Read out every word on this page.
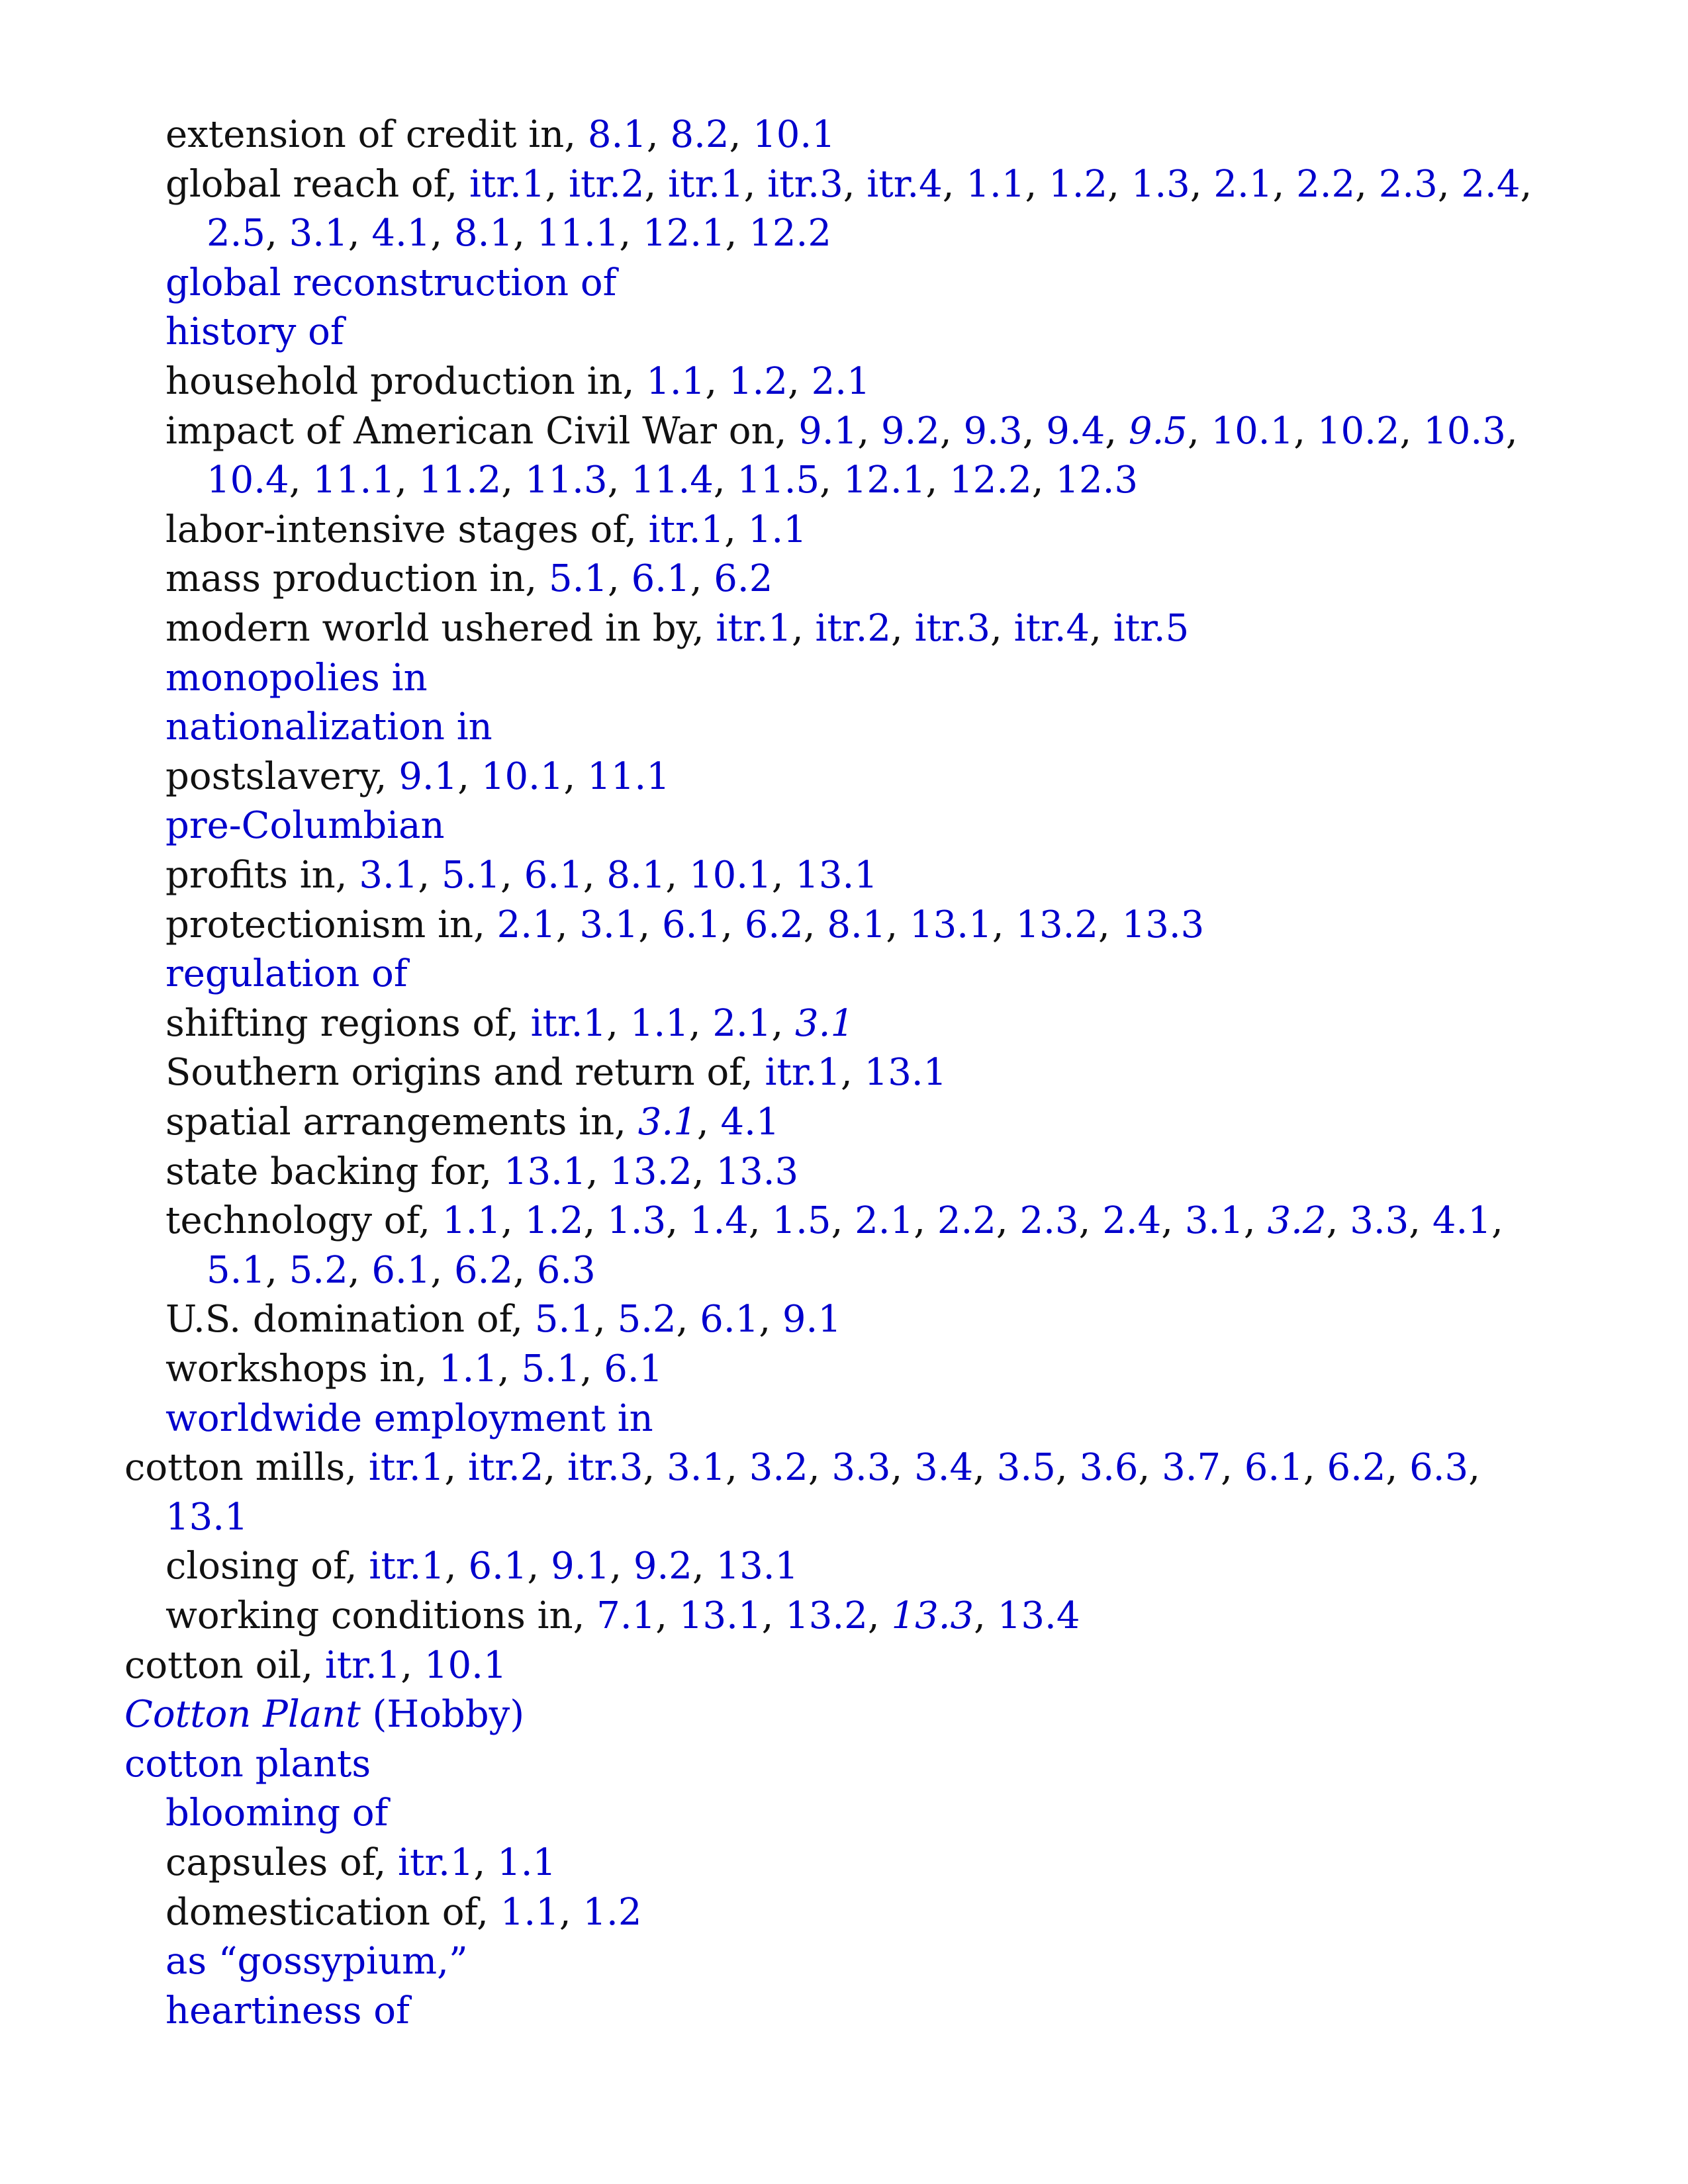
extension of credit in, 8.1, 8.2, 10.1
global reach of, itr.1, itr.2, itr.1, itr.3, itr.4, 1.1, 1.2, 1.3, 2.1, 2.2, 2.3, 2.4,
2.5, 3.1, 4.1, 8.1, 11.1, 12.1, 12.2
global reconstruction of
history of
household production in, 1.1, 1.2, 2.1
impact of American Civil War on, 9.1, 9.2, 9.3, 9.4, 9.5, 10.1, 10.2, 10.3,
10.4, 11.1, 11.2, 11.3, 11.4, 11.5, 12.1, 12.2, 12.3
labor-intensive stages of, itr.1, 1.1
mass production in, 5.1, 6.1, 6.2
modern world ushered in by, itr.1, itr.2, itr.3, itr.4, itr.5
monopolies in
nationalization in
postslavery, 9.1, 10.1, 11.1
pre-Columbian
profits in, 3.1, 5.1, 6.1, 8.1, 10.1, 13.1
protectionism in, 2.1, 3.1, 6.1, 6.2, 8.1, 13.1, 13.2, 13.3
regulation of
shifting regions of, itr.1, 1.1, 2.1, 3.1
Southern origins and return of, itr.1, 13.1
spatial arrangements in, 3.1, 4.1
state backing for, 13.1, 13.2, 13.3
technology of, 1.1, 1.2, 1.3, 1.4, 1.5, 2.1, 2.2, 2.3, 2.4, 3.1, 3.2, 3.3, 4.1,
5.1, 5.2, 6.1, 6.2, 6.3
U.S. domination of, 5.1, 5.2, 6.1, 9.1
workshops in, 1.1, 5.1, 6.1
worldwide employment in
cotton mills, itr.1, itr.2, itr.3, 3.1, 3.2, 3.3, 3.4, 3.5, 3.6, 3.7, 6.1, 6.2, 6.3,
13.1
closing of, itr.1, 6.1, 9.1, 9.2, 13.1
working conditions in, 7.1, 13.1, 13.2, 13.3, 13.4
cotton oil, itr.1, 10.1
Cotton Plant (Hobby)
cotton plants
blooming of
capsules of, itr.1, 1.1
domestication of, 1.1, 1.2
as “gossypium,”
heartiness of
